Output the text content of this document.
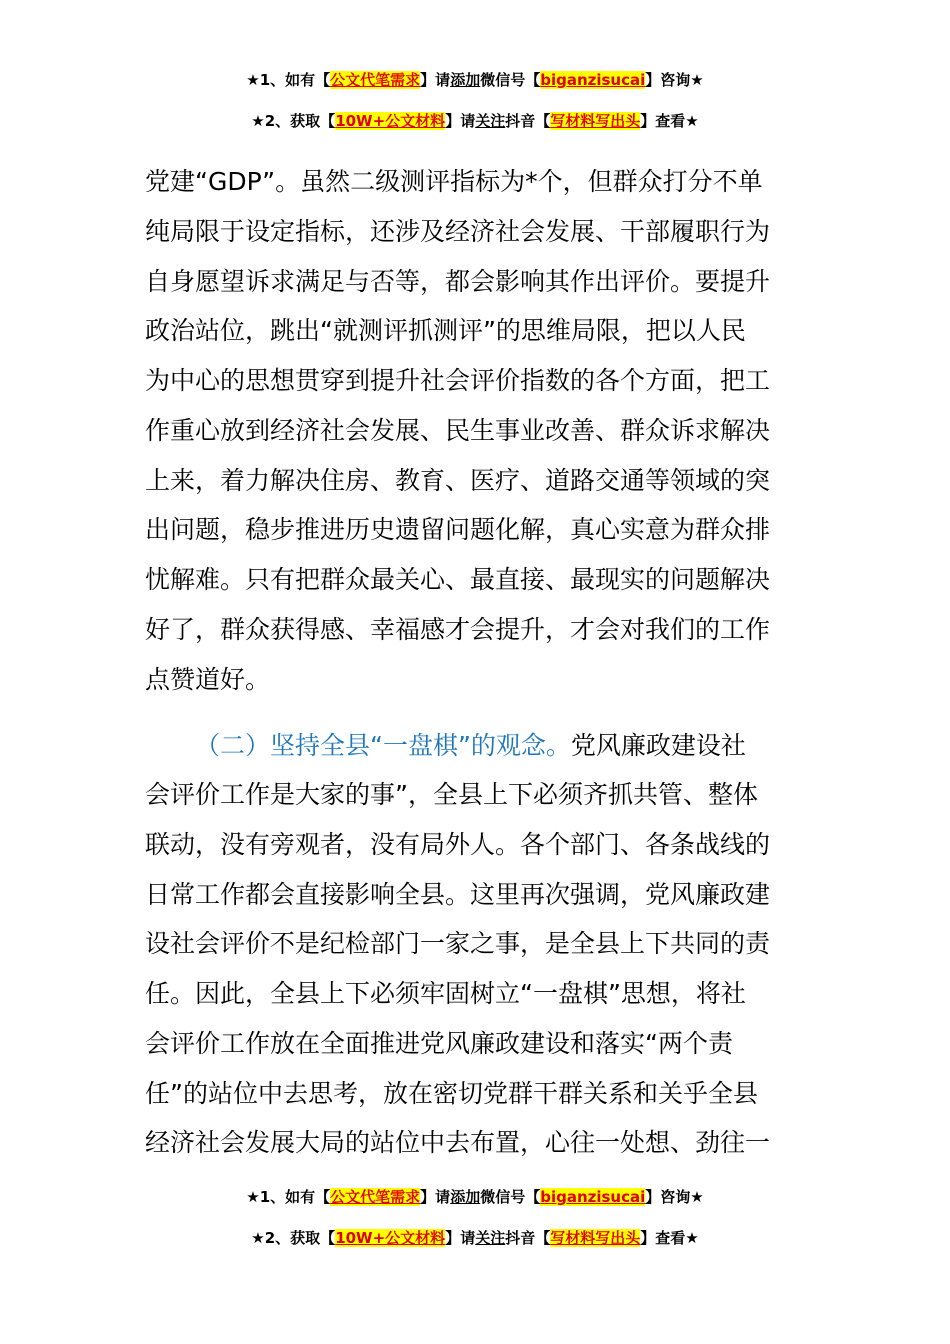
★1、如有【公文代笔需求】请添加微信号【biganzisucai】咨询★
★2、获取【10W+公文材料】请关注抖音【写材料写出头】查看★
党建“GDP”。虽然二级测评指标为*个，但群众打分不单
纯局限于设定指标，还涉及经济社会发展、干部履职行为
自身愿望诉求满足与否等，都会影响其作出评价。要提升
政治站位，跳出“就测评抓测评”的思维局限，把以人民
为中心的思想贯穿到提升社会评价指数的各个方面，把工
作重心放到经济社会发展、民生事业改善、群众诉求解决
上来，着力解决住房、教育、医疗、道路交通等领域的突
出问题，稳步推进历史遗留问题化解，真心实意为群众排
忧解难。只有把群众最关心、最直接、最现实的问题解决
好了，群众获得感、幸福感才会提升，才会对我们的工作
点赞道好。
（二）坚持全县“一盘棋”的观念。党风廉政建设社
会评价工作是大家的事”，全县上下必须齐抓共管、整体
联动，没有旁观者，没有局外人。各个部门、各条战线的
日常工作都会直接影响全县。这里再次强调，党风廉政建
设社会评价不是纪检部门一家之事，是全县上下共同的责
任。因此，全县上下必须牢固树立“一盘棋”思想，将社
会评价工作放在全面推进党风廉政建设和落实“两个责
任”的站位中去思考，放在密切党群干群关系和关乎全县
经济社会发展大局的站位中去布置，心往一处想、劲往一
★1、如有【公文代笔需求】请添加微信号【biganzisucai】咨询★
★2、获取【10W+公文材料】请关注抖音【写材料写出头】查看★
